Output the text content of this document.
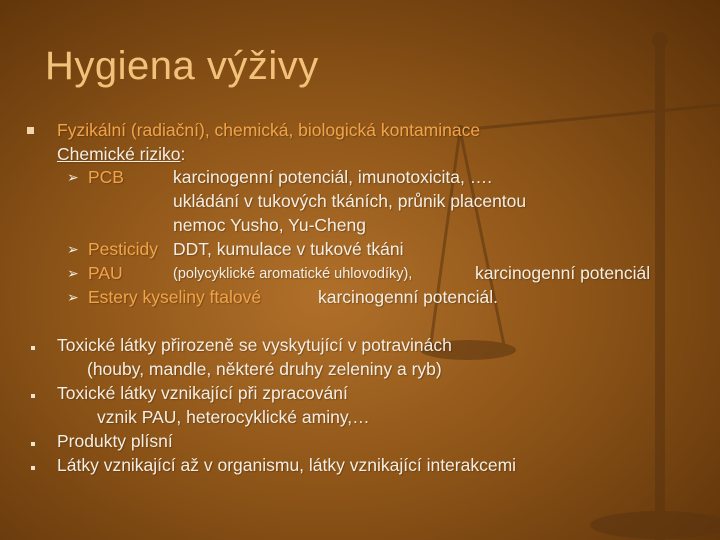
Hygiena výživy
Fyzikální (radiační), chemická, biologická kontaminace
Chemické riziko:
➢ PCB	karcinogenní potenciál, imunotoxicita, ….
ukládání v tukových tkáních, průnik placentou
nemoc Yusho, Yu-Cheng
➢ Pesticidy DDT, kumulace v tukové tkáni
➢ PAU	(polycyklické aromatické uhlovodíky),	karcinogenní potenciál
➢ Estery kyseliny ftalové	karcinogenní potenciál.
Toxické látky přirozeně se vyskytující v potravinách
(houby, mandle, některé druhy zeleniny a ryb)
Toxické látky vznikající při zpracování
vznik PAU, heterocyklické aminy,…
Produkty plísní
Látky vznikající až v organismu, látky vznikající interakcemi
